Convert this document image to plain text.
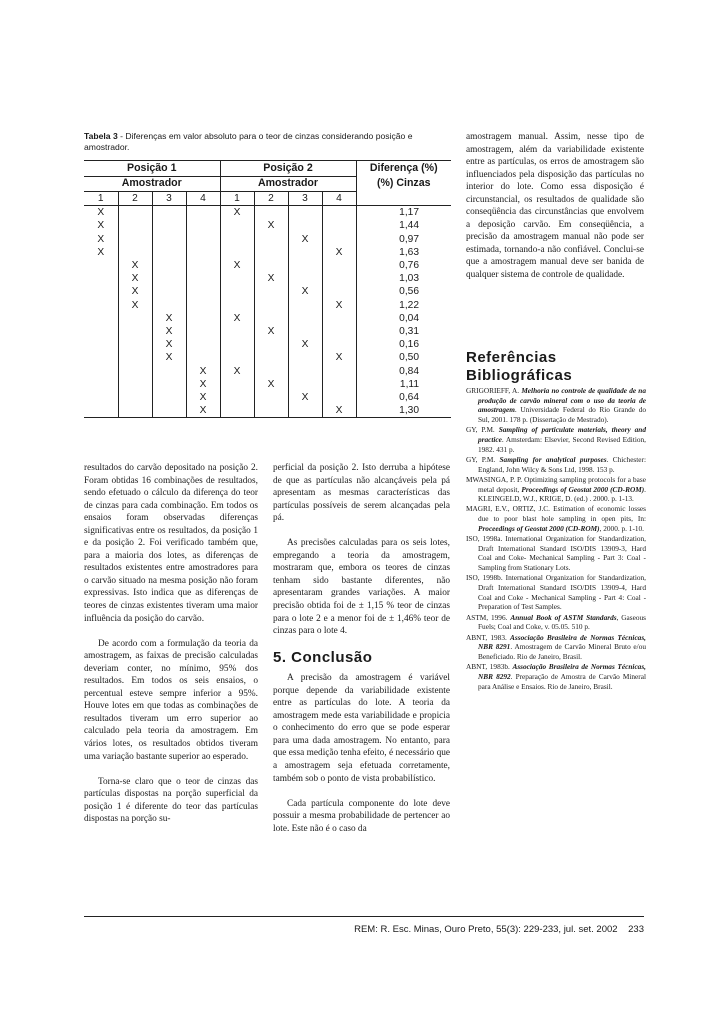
Tabela 3 - Diferenças em valor absoluto para o teor de cinzas considerando posição e amostrador.
Posição 1				Posição 2				Diferença (%)
Amostrador				Amostrador				(%) Cinzas
1	2	3	4	1	2	3	4	
X				X				1,17
X					X			1,44
X						X		0,97
X							X	1,63
	X			X				0,76
	X				X			1,03
	X					X		0,56
	X						X	1,22
		X		X				0,04
		X			X			0,31
		X				X		0,16
		X					X	0,50
			X	X				0,84
			X		X			1,11
			X			X		0,64
			X				X	1,30

resultados do carvão depositado na posição 2. Foram obtidas 16 combinações de resultados, sendo efetuado o cálculo da diferença do teor de cinzas para cada combinação. Em todos os ensaios foram observadas diferenças significativas entre os resultados, da posição 1 e da posição 2. Foi verificado também que, para a maioria dos lotes, as diferenças de resultados existentes entre amostradores para o carvão situado na mesma posição não foram expressivas. Isto indica que as diferenças de teores de cinzas existentes tiveram uma maior influência da posição do carvão.

De acordo com a formulação da teoria da amostragem, as faixas de precisão calculadas deveriam conter, no mínimo, 95% dos resultados. Em todos os seis ensaios, o percentual esteve sempre inferior a 95%. Houve lotes em que todas as combinações de resultados tiveram um erro superior ao calculado pela teoria da amostragem. Em vários lotes, os resultados obtidos tiveram uma variação bastante superior ao esperado.

Torna-se claro que o teor de cinzas das partículas dispostas na porção superficial da posição 1 é diferente do teor das partículas dispostas na porção su-

perficial da posição 2. Isto derruba a hipótese de que as partículas não alcançáveis pela pá apresentam as mesmas características das partículas possíveis de serem alcançadas pela pá.

As precisões calculadas para os seis lotes, empregando a teoria da amostragem, mostraram que, embora os teores de cinzas tenham sido bastante diferentes, não apresentaram grandes variações. A maior precisão obtida foi de ± 1,15 % teor de cinzas para o lote 2 e a menor foi de ± 1,46% teor de cinzas para o lote 4.

5. Conclusão

A precisão da amostragem é variável porque depende da variabilidade existente entre as partículas do lote. A teoria da amostragem mede esta variabilidade e propicia o conhecimento do erro que se pode esperar para uma dada amostragem. No entanto, para que essa medição tenha efeito, é necessário que a amostragem seja efetuada corretamente, também sob o ponto de vista probabilístico.

Cada partícula componente do lote deve possuir a mesma probabilidade de pertencer ao lote. Este não é o caso da

amostragem manual. Assim, nesse tipo de amostragem, além da variabilidade existente entre as partículas, os erros de amostragem são influenciados pela disposição das partículas no interior do lote. Como essa disposição é circunstancial, os resultados de qualidade são conseqüência das circunstâncias que envolvem a deposição carvão. Em conseqüência, a precisão da amostragem manual não pode ser estimada, tornando-a não confiável. Conclui-se que a amostragem manual deve ser banida de qualquer sistema de controle de qualidade.

Referências Bibliográficas

GRIGORIEFF, A. Melhoria no controle de qualidade de na produção de carvão mineral com o uso da teoria de amostragem. Universidade Federal do Rio Grande do Sul, 2001. 178 p. (Dissertação de Mestrado).

GY, P.M. Sampling of particulate materials, theory and practice. Amsterdam: Elsevier, Second Revised Edition, 1982. 431 p.

GY, P.M. Sampling for analytical purposes. Chichester: England, John Wilcy & Sons Ltd, 1998. 153 p.

MWASINGA, P. P. Optimizing sampling protocols for a base metal deposit, Proceedings of Geostat 2000 (CD-ROM). KLEINGELD, W.J., KRIGE, D. (ed.) . 2000. p. 1-13.

MAGRI, E.V., ORTIZ, J.C. Estimation of economic losses due to poor blast hole sampling in open pits, In: Proceedings of Geostat 2000 (CD-ROM), 2000. p. 1-10.

ISO, 1998a. International Organization for Standardization, Draft International Standard ISO/DIS 13909-3, Hard Coal and Coke- Mechanical Sampling - Part 3: Coal - Sampling from Stationary Lots.

ISO, 1998b. International Organization for Standardization, Draft International Standard ISO/DIS 13909-4, Hard Coal and Coke - Mechanical Sampling - Part 4: Coal - Preparation of Test Samples.

ASTM, 1996. Annual Book of ASTM Standards, Gaseous Fuels; Coal and Coke, v. 05.05. 510 p.

ABNT, 1983. Associação Brasileira de Normas Técnicas, NBR 8291. Amostragem de Carvão Mineral Bruto e/ou Beneficiado. Rio de Janeiro, Brasil.

ABNT, 1983b. Associação Brasileira de Normas Técnicas, NBR 8292. Preparação de Amostra de Carvão Mineral para Análise e Ensaios. Rio de Janeiro, Brasil.

REM: R. Esc. Minas, Ouro Preto, 55(3): 229-233, jul. set. 2002 233
